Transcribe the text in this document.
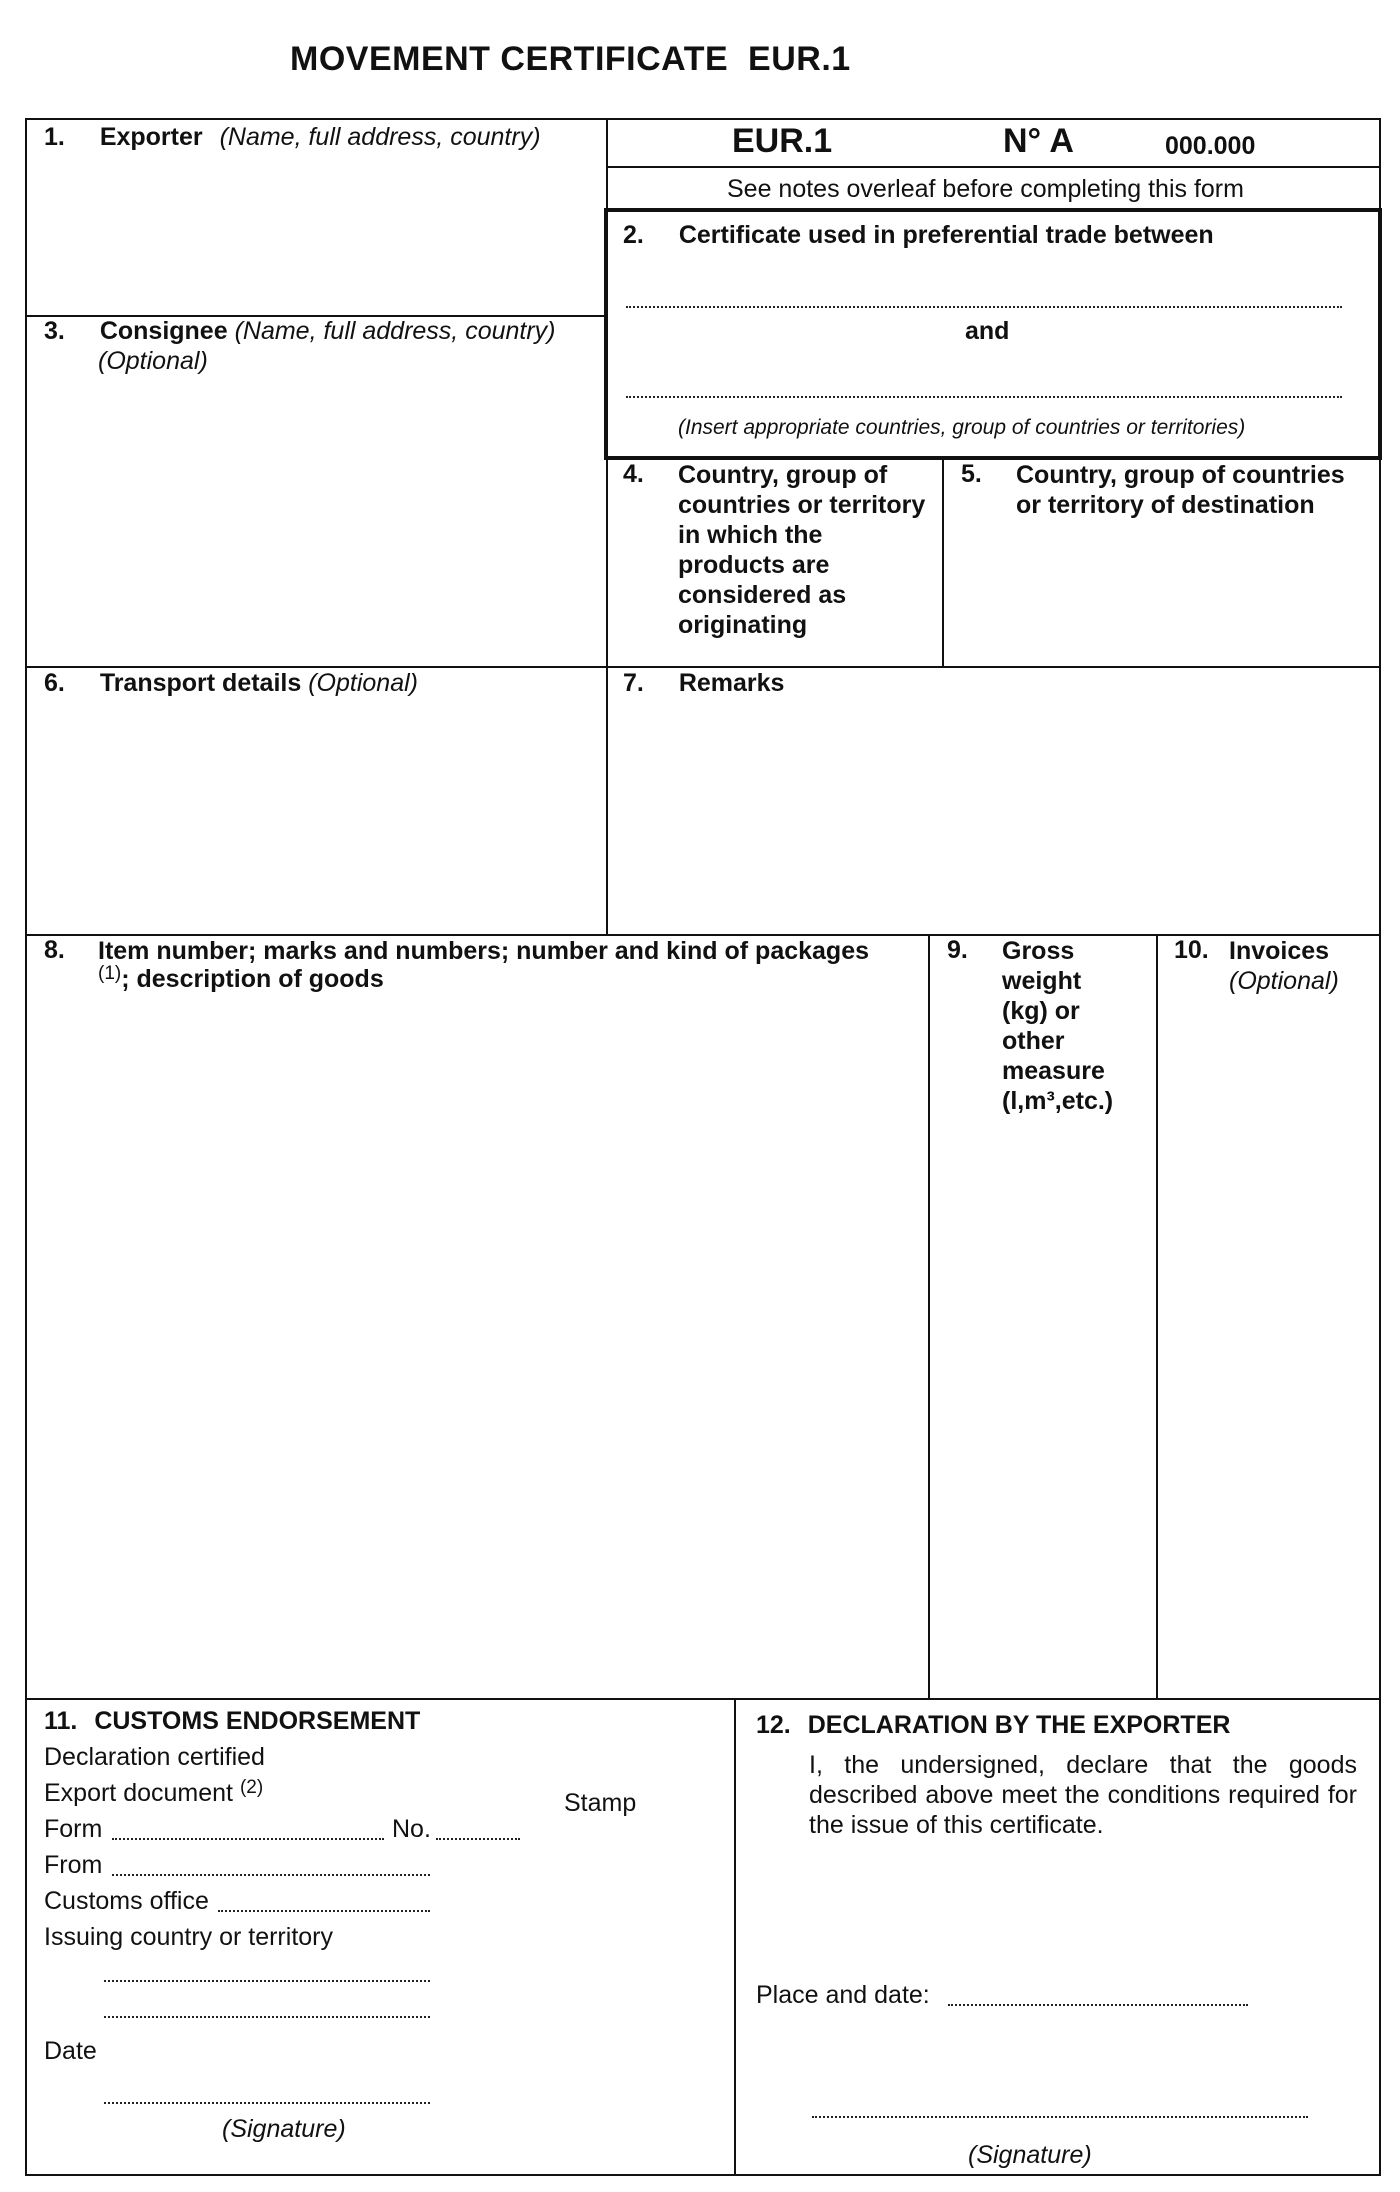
MOVEMENT CERTIFICATE  EUR.1
EUR.1	N° A	000.000
See notes overleaf before completing this form
1. Exporter (Name, full address, country)
3. Consignee (Name, full address, country)
(Optional)
2. Certificate used in preferential trade between
and
(Insert appropriate countries, group of countries or territories)
4. Country, group of countries or territory in which the products are considered as originating
5. Country, group of countries or territory of destination
6. Transport details (Optional)	7. Remarks
8. Item number; marks and numbers; number and kind of packages
$^{(1)}$; description of goods
9. Gross weight (kg) or other measure (l,m³,etc.)
10. Invoices
(Optional)
11. CUSTOMS ENDORSEMENT
Declaration certified
Export document $^{(2)}$
Form	No.
From
Customs office
Issuing country or territory
Date
(Signature)
Stamp
12. DECLARATION BY THE EXPORTER
I, the undersigned, declare that the goods described above meet the conditions required for the issue of this certificate.
Place and date:
(Signature)
